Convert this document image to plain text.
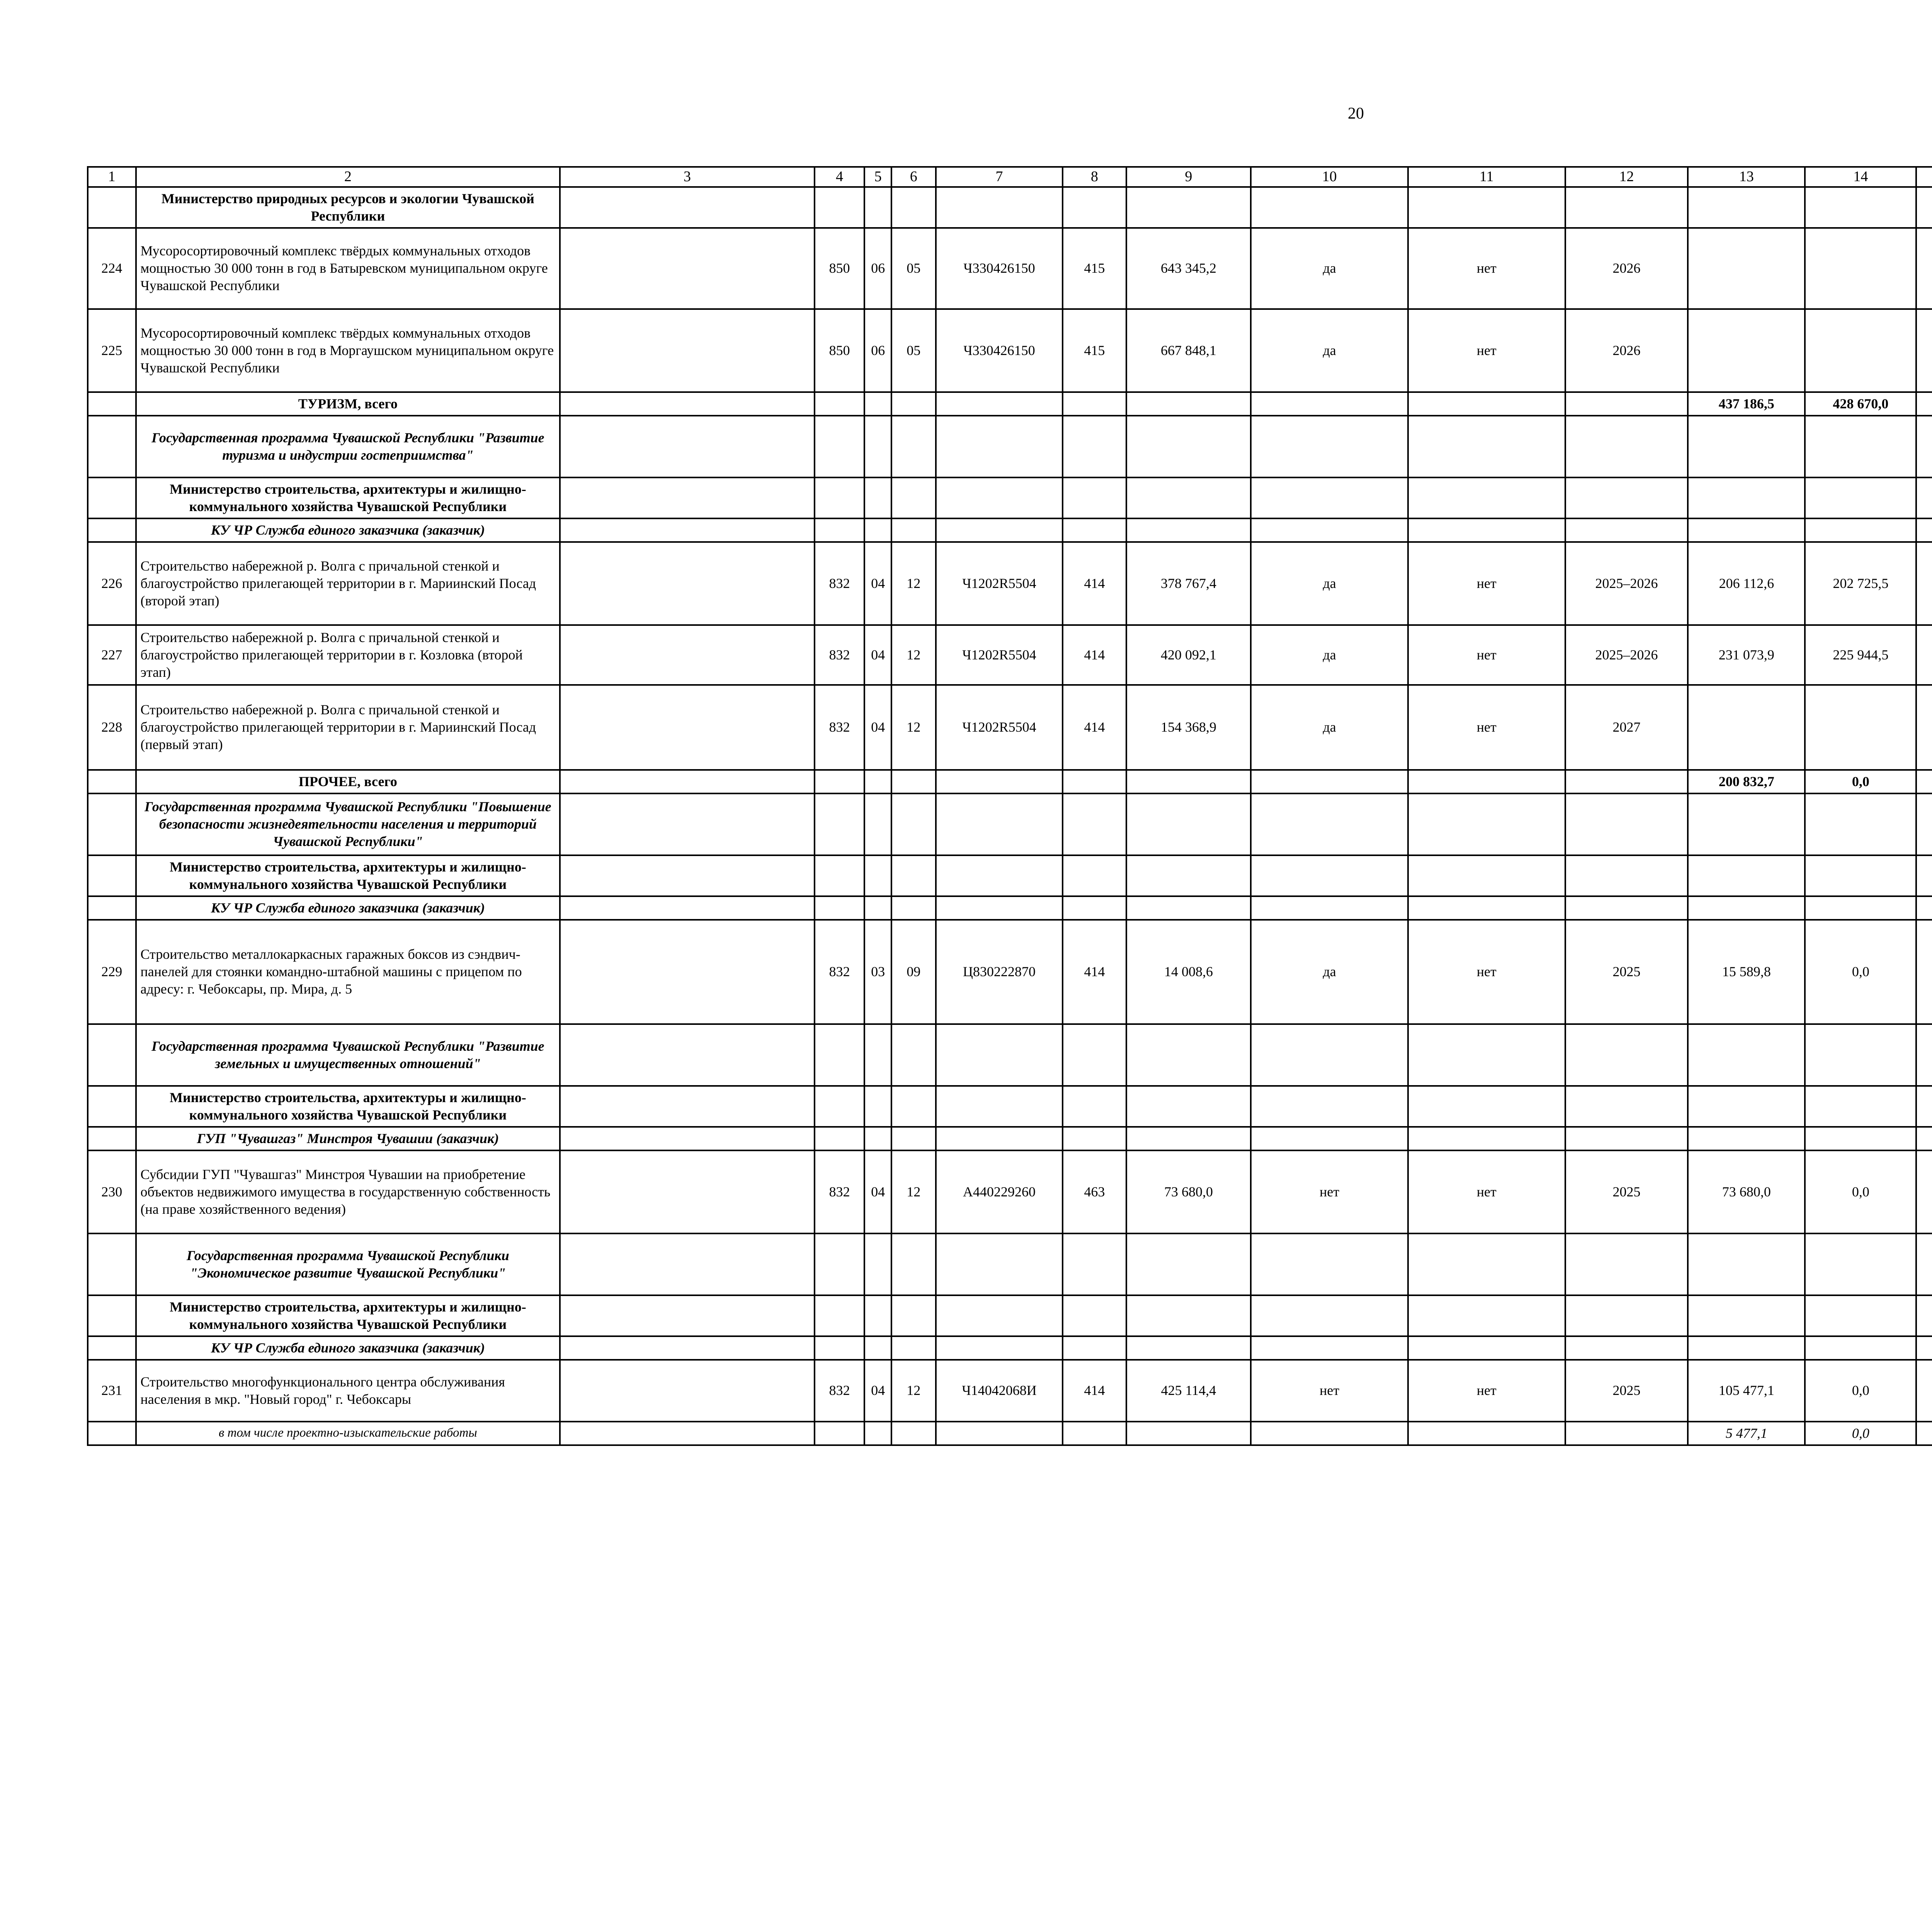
20
1	2	3	4	5	6	7	8	9	10	11	12	13	14							
	Министерство природных ресурсов и экологии Чувашской Республики																			
224	Мусоросортировочный комплекс твёрдых коммунальных отходов мощностью 30 000 тонн в год в Батыревском муниципальном округе Чувашской Республики		850	06	05	Ч330426150	415	643 345,2	да	нет	2026									
225	Мусоросортировочный комплекс твёрдых коммунальных отходов мощностью 30 000 тонн в год в Моргаушском муниципальном округе Чувашской Республики		850	06	05	Ч330426150	415	667 848,1	да	нет	2026									
	ТУРИЗМ, всего											437 186,5	428 670,0							
	Государственная программа Чувашской Республики "Развитие туризма и индустрии гостеприимства"																			
	Министерство строительства, архитектуры и жилищно-коммунального хозяйства Чувашской Республики																			
	КУ ЧР Служба единого заказчика (заказчик)																			
226	Строительство набережной р. Волга с причальной стенкой и благоустройство прилегающей территории в г. Мариинский Посад (второй этап)		832	04	12	Ч1202R5504	414	378 767,4	да	нет	2025–2026	206 112,6	202 725,5							
227	Строительство набережной р. Волга с причальной стенкой и благоустройство прилегающей территории в г. Козловка (второй этап)		832	04	12	Ч1202R5504	414	420 092,1	да	нет	2025–2026	231 073,9	225 944,5							
228	Строительство набережной р. Волга с причальной стенкой и благоустройство прилегающей территории в г. Мариинский Посад (первый этап)		832	04	12	Ч1202R5504	414	154 368,9	да	нет	2027									
	ПРОЧЕЕ, всего											200 832,7	0,0							
	Государственная программа Чувашской Республики "Повышение безопасности жизнедеятельности населения и территорий Чувашской Республики"																			
	Министерство строительства, архитектуры и жилищно-коммунального хозяйства Чувашской Республики																			
	КУ ЧР Служба единого заказчика (заказчик)																			
229	Строительство металлокаркасных гаражных боксов из сэндвич-панелей для стоянки командно-штабной машины с прицепом по адресу: г. Чебоксары, пр. Мира, д. 5		832	03	09	Ц830222870	414	14 008,6	да	нет	2025	15 589,8	0,0							
	Государственная программа Чувашской Республики "Развитие земельных и имущественных отношений"																			
	Министерство строительства, архитектуры и жилищно-коммунального хозяйства Чувашской Республики																			
	ГУП "Чувашгаз" Минстроя Чувашии (заказчик)																			
230	Субсидии ГУП "Чувашгаз" Минстроя Чувашии на приобретение объектов недвижимого имущества в государственную собственность (на праве хозяйственного ведения)		832	04	12	А440229260	463	73 680,0	нет	нет	2025	73 680,0	0,0							
	Государственная программа Чувашской Республики "Экономическое развитие Чувашской Республики"																			
	Министерство строительства, архитектуры и жилищно-коммунального хозяйства Чувашской Республики																			
	КУ ЧР Служба единого заказчика (заказчик)																			
231	Строительство многофункционального центра обслуживания населения в мкр. "Новый город" г. Чебоксары		832	04	12	Ч14042068И	414	425 114,4	нет	нет	2025	105 477,1	0,0							
	в том числе проектно-изыскательские работы											5 477,1	0,0							
